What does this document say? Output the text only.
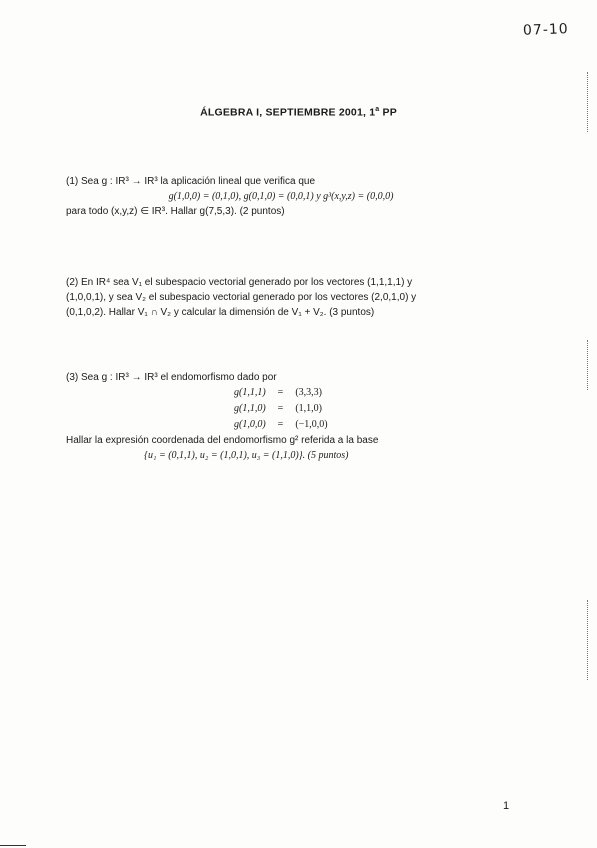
07-10
ÁLGEBRA I, SEPTIEMBRE 2001, 1$^a$ PP
(1) Sea g : IR³ → IR³ la aplicación lineal que verifica que
g(1,0,0) = (0,1,0), g(0,1,0) = (0,0,1) y g³(x,y,z) = (0,0,0)
para todo (x,y,z) ∈ IR³. Hallar g(7,5,3). (2 puntos)
(2) En IR⁴ sea V₁ el subespacio vectorial generado por los vectores (1,1,1,1) y
(1,0,0,1), y sea V₂ el subespacio vectorial generado por los vectores (2,0,1,0) y
(0,1,0,2). Hallar V₁ ∩ V₂ y calcular la dimensión de V₁ + V₂. (3 puntos)
(3) Sea g : IR³ → IR³ el endomorfismo dado por
g(1,1,1)	=	(3,3,3)
g(1,1,0)	=	(1,1,0)
g(1,0,0)	=	(−1,0,0)
Hallar la expresión coordenada del endomorfismo g² referida a la base
{u₁ = (0,1,1), u₂ = (1,0,1), u₃ = (1,1,0)}. (5 puntos)
1
